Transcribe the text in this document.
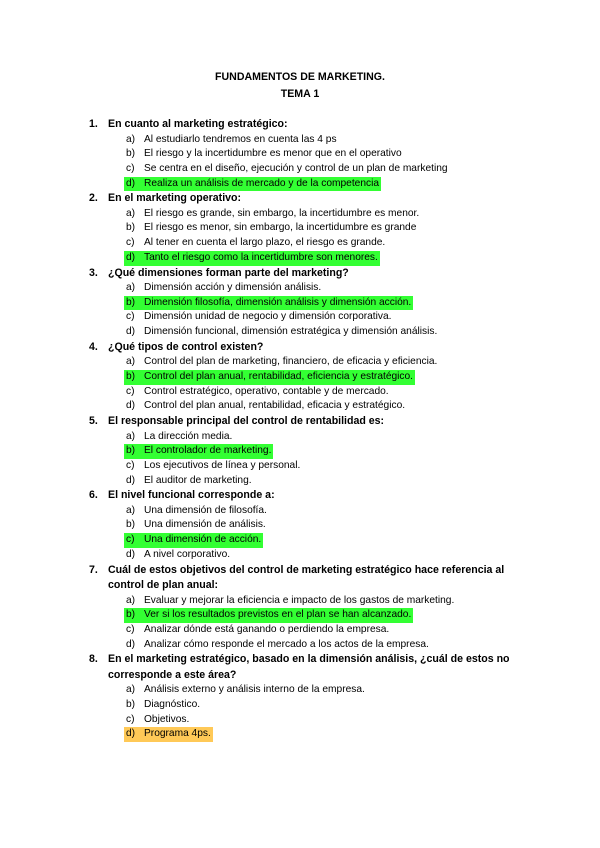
FUNDAMENTOS DE MARKETING.
TEMA 1
1. En cuanto al marketing estratégico:
a) Al estudiarlo tendremos en cuenta las 4 ps
b) El riesgo y la incertidumbre es menor que en el operativo
c) Se centra en el diseño, ejecución y control de un plan de marketing
d) Realiza un análisis de mercado y de la competencia
2. En el marketing operativo:
a) El riesgo es grande, sin embargo, la incertidumbre es menor.
b) El riesgo es menor, sin embargo, la incertidumbre es grande
c) Al tener en cuenta el largo plazo, el riesgo es grande.
d) Tanto el riesgo como la incertidumbre son menores.
3. ¿Qué dimensiones forman parte del marketing?
a) Dimensión acción y dimensión análisis.
b) Dimensión filosofía, dimensión análisis y dimensión acción.
c) Dimensión unidad de negocio y dimensión corporativa.
d) Dimensión funcional, dimensión estratégica y dimensión análisis.
4. ¿Qué tipos de control existen?
a) Control del plan de marketing, financiero, de eficacia y eficiencia.
b) Control del plan anual, rentabilidad, eficiencia y estratégico.
c) Control estratégico, operativo, contable y de mercado.
d) Control del plan anual, rentabilidad, eficacia y estratégico.
5. El responsable principal del control de rentabilidad es:
a) La dirección media.
b) El controlador de marketing.
c) Los ejecutivos de línea y personal.
d) El auditor de marketing.
6. El nivel funcional corresponde a:
a) Una dimensión de filosofía.
b) Una dimensión de análisis.
c) Una dimensión de acción.
d) A nivel corporativo.
7. Cuál de estos objetivos del control de marketing estratégico hace referencia al control de plan anual:
a) Evaluar y mejorar la eficiencia e impacto de los gastos de marketing.
b) Ver si los resultados previstos en el plan se han alcanzado.
c) Analizar dónde está ganando o perdiendo la empresa.
d) Analizar cómo responde el mercado a los actos de la empresa.
8. En el marketing estratégico, basado en la dimensión análisis, ¿cuál de estos no corresponde a este área?
a) Análisis externo y análisis interno de la empresa.
b) Diagnóstico.
c) Objetivos.
d) Programa 4ps.
